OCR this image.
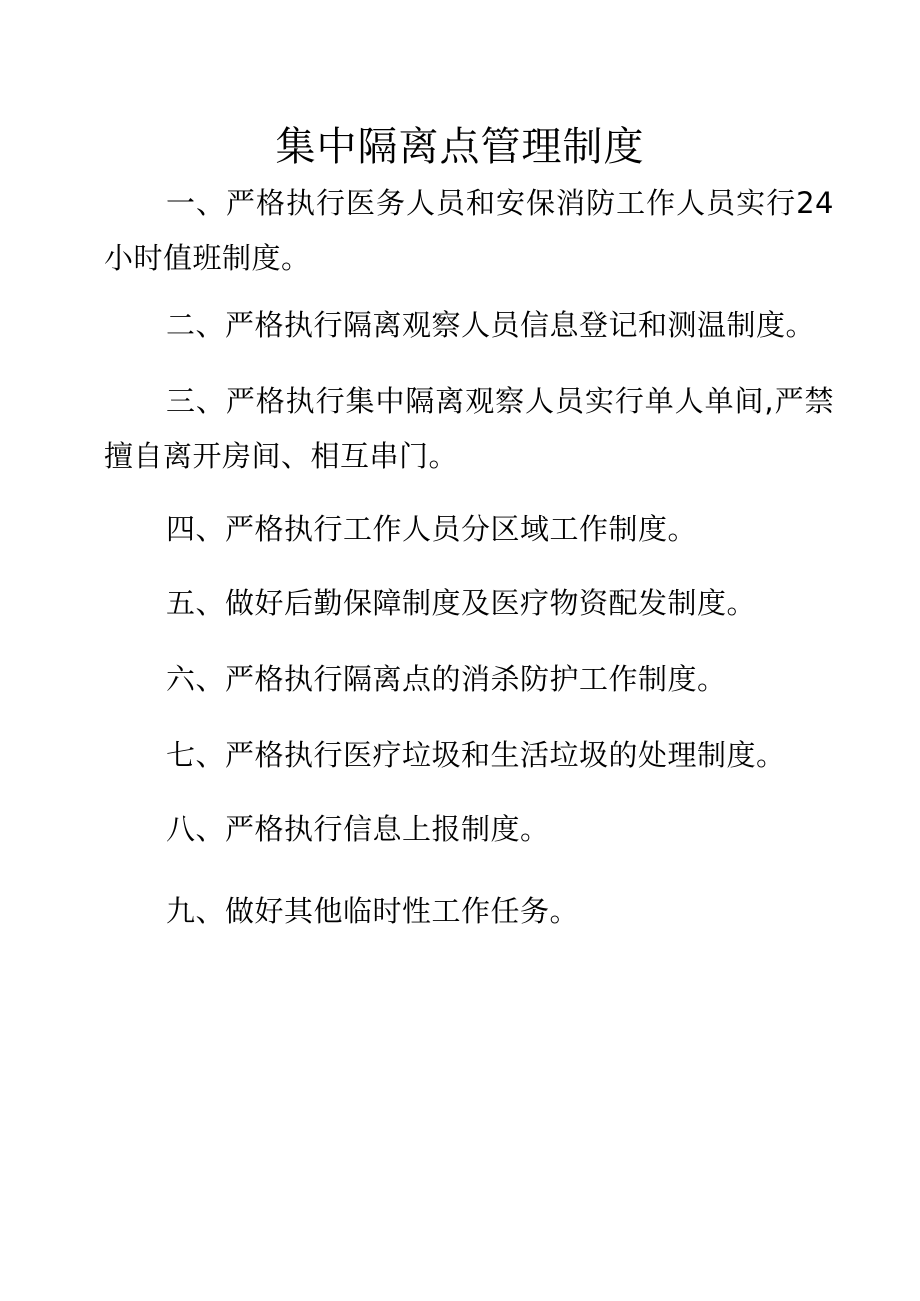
集中隔离点管理制度

一、严格执行医务人员和安保消防工作人员实行24 小时值班制度。

二、严格执行隔离观察人员信息登记和测温制度。

三、严格执行集中隔离观察人员实行单人单间,严禁擅自离开房间、相互串门。

四、严格执行工作人员分区域工作制度。

五、做好后勤保障制度及医疗物资配发制度。

六、严格执行隔离点的消杀防护工作制度。

七、严格执行医疗垃圾和生活垃圾的处理制度。

八、严格执行信息上报制度。

九、做好其他临时性工作任务。
